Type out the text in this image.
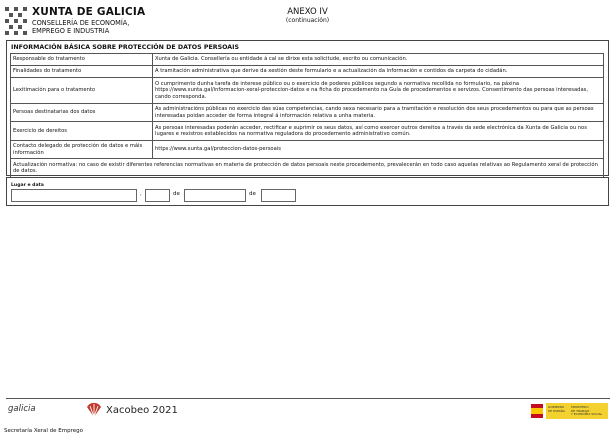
XUNTA DE GALICIA
CONSELLERÍA DE ECONOMÍA,
EMPREGO E INDUSTRIA
ANEXO IV
(continuación)
INFORMACIÓN BÁSICA SOBRE PROTECCIÓN DE DATOS PERSOAIS
Responsable do tratamento	Xunta de Galicia. Consellería ou entidade á cal se dirixe esta solicitude, escrito ou comunicación.
Finalidades do tratamento	A tramitación administrativa que derive da xestión deste formulario e a actualización da información e contidos da carpeta do cidadán.
Lexitimación para o tratamento	O cumprimento dunha tarefa de interese público ou o exercicio de poderes públicos segundo a normativa recollida no formulario, na páxina https://www.xunta.gal/informacion-xeral-proteccion-datos e na ficha do procedemento na Guía de procedementos e servizos. Consentimento das persoas interesadas, cando corresponda.
Persoas destinatarias dos datos	As administracións públicas no exercicio das súas competencias, cando sexa necesario para a tramitación e resolución dos seus procedementos ou para que as persoas interesadas poidan acceder de forma integral á información relativa a unha materia.
Exercicio de dereitos	As persoas interesadas poderán acceder, rectificar e suprimir os seus datos, así como exercer outros dereitos a través da sede electrónica da Xunta de Galicia ou nos lugares e rexistros establecidos na normativa reguladora do procedemento administrativo común.
Contacto delegado de protección de datos e máis información	https://www.xunta.gal/proteccion-datos-persoais
Actualización normativa: no caso de existir diferentes referencias normativas en materia de protección de datos persoais neste procedemento, prevalecerán en todo caso aquelas relativas ao Regulamento xeral de protección de datos.	
Lugar e data
,	de	de
galicia	Xacobeo 2021	GOBIERNO
DE ESPAÑA
MINISTERIO
DE TRABAJO
Y ECONOMÍA SOCIAL
Secretaría Xeral de Emprego
